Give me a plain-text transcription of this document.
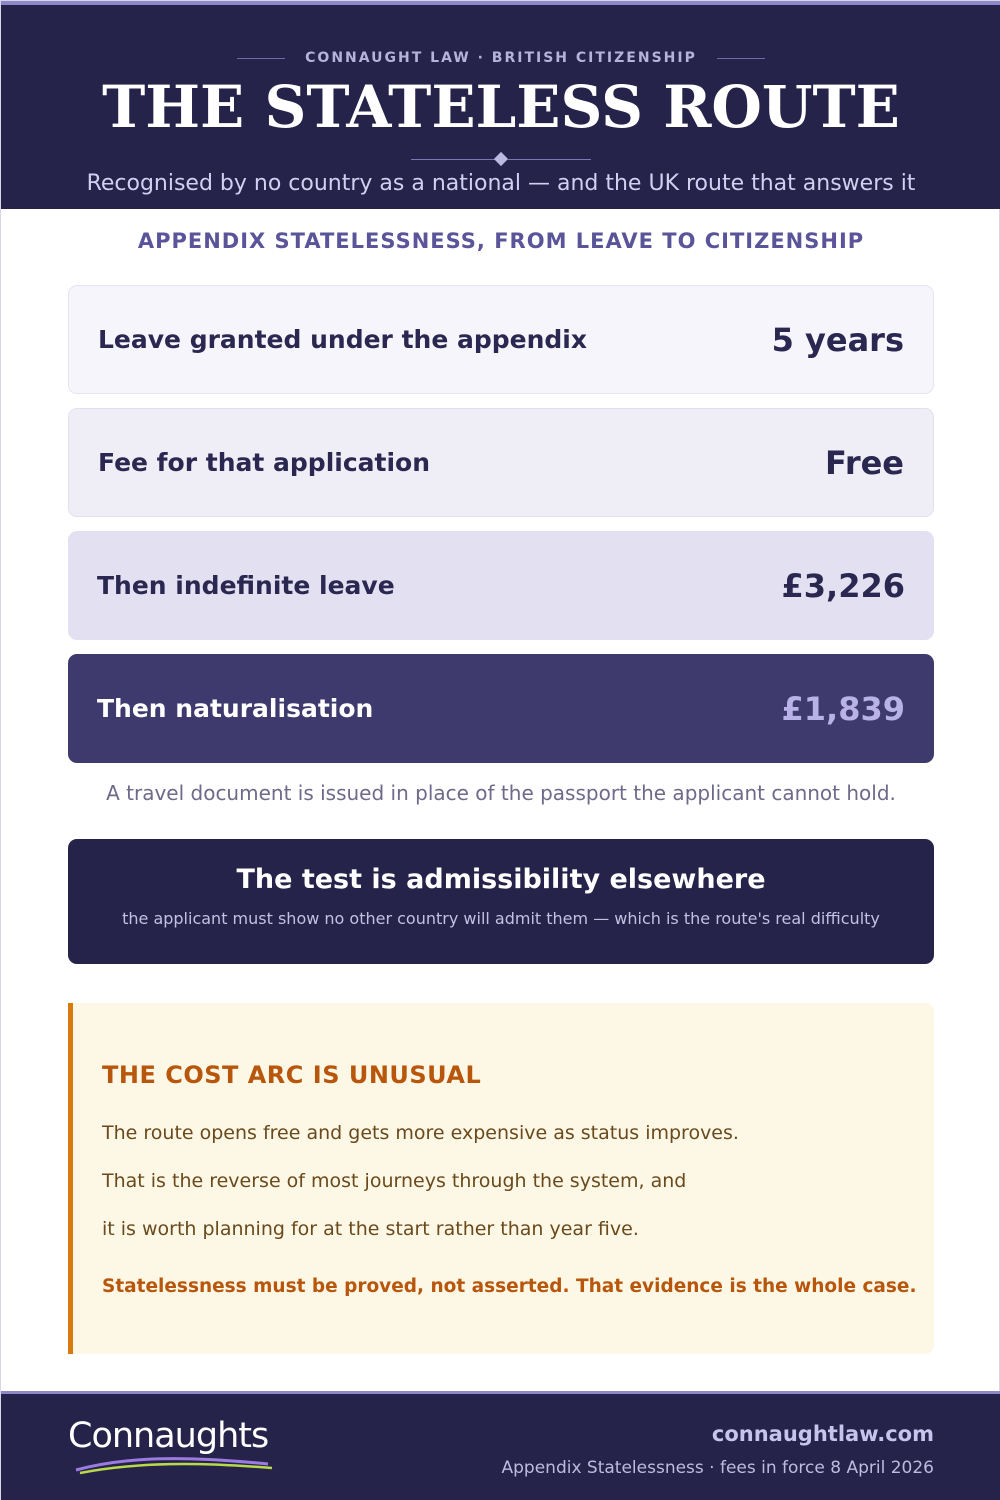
CONNAUGHT LAW · BRITISH CITIZENSHIP
THE STATELESS ROUTE
Recognised by no country as a national — and the UK route that answers it
APPENDIX STATELESSNESS, FROM LEAVE TO CITIZENSHIP
Leave granted under the appendix	5 years
Fee for that application	Free
Then indefinite leave	£3,226
Then naturalisation	£1,839
A travel document is issued in place of the passport the applicant cannot hold.
The test is admissibility elsewhere
the applicant must show no other country will admit them — which is the route's real difficulty
THE COST ARC IS UNUSUAL
The route opens free and gets more expensive as status improves.
That is the reverse of most journeys through the system, and
it is worth planning for at the start rather than year five.
Statelessness must be proved, not asserted. That evidence is the whole case.
Connaughts	connaughtlaw.com
Appendix Statelessness · fees in force 8 April 2026
